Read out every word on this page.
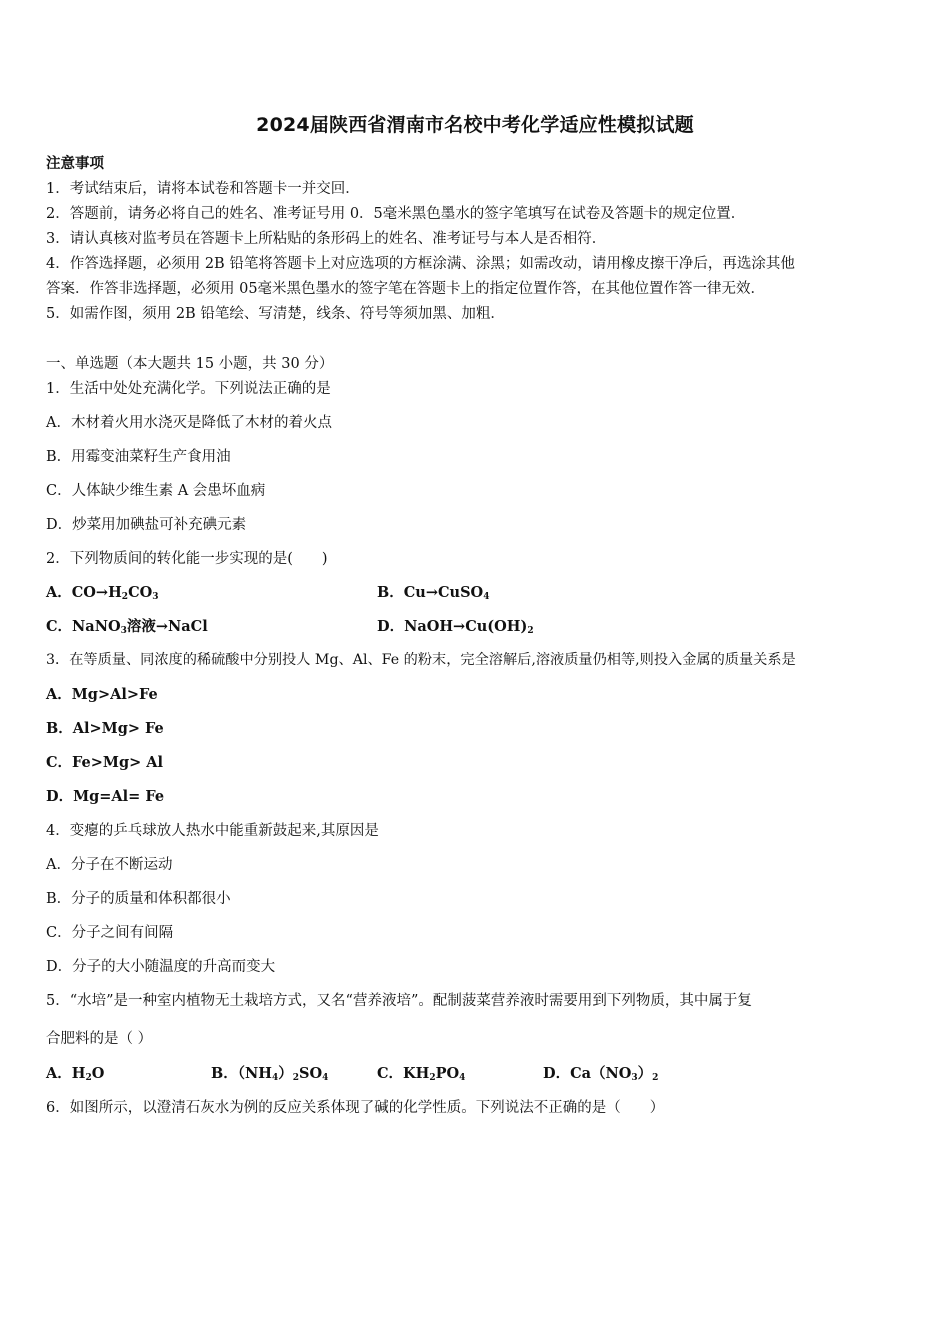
2024届陕西省渭南市名校中考化学适应性模拟试题
注意事项
1．考试结束后，请将本试卷和答题卡一并交回．
2．答题前，请务必将自己的姓名、准考证号用 0．5毫米黑色墨水的签字笔填写在试卷及答题卡的规定位置．
3．请认真核对监考员在答题卡上所粘贴的条形码上的姓名、准考证号与本人是否相符．
4．作答选择题，必须用 2B 铅笔将答题卡上对应选项的方框涂满、涂黑；如需改动，请用橡皮擦干净后，再选涂其他
答案．作答非选择题，必须用 05毫米黑色墨水的签字笔在答题卡上的指定位置作答，在其他位置作答一律无效．
5．如需作图，须用 2B 铅笔绘、写清楚，线条、符号等须加黑、加粗．
一、单选题（本大题共 15 小题，共 30 分）
1．生活中处处充满化学。下列说法正确的是
A．木材着火用水浇灭是降低了木材的着火点
B．用霉变油菜籽生产食用油
C．人体缺少维生素 A 会患坏血病
D．炒菜用加碘盐可补充碘元素
2．下列物质间的转化能一步实现的是(　　)
A．$CO\to H_2CO_3$	B．Cu→CuSO$_4$
C．NaNO$_3$溶液→NaCl	D．$NaOH\to Cu(OH)_2$
3．在等质量、同浓度的稀硫酸中分别投人 Mg、Al、Fe 的粉末，完全溶解后,溶液质量仍相等,则投入金属的质量关系是
A．Mg>Al>Fe
B．Al>Mg> Fe
C．Fe>Mg> Al
D．Mg=Al= Fe
4．变瘪的乒乓球放人热水中能重新鼓起来,其原因是
A．分子在不断运动
B．分子的质量和体积都很小
C．分子之间有间隔
D．分子的大小随温度的升高而变大
5．“水培”是一种室内植物无土栽培方式，又名“营养液培”。配制菠菜营养液时需要用到下列物质，其中属于复
合肥料的是（ ）
A．$H_2O$	B．$(NH_4)_2SO_4$	C．$KH_2PO_4$	D．$Ca(NO_3)_2$
6．如图所示，以澄清石灰水为例的反应关系体现了碱的化学性质。下列说法不正确的是（　　）
